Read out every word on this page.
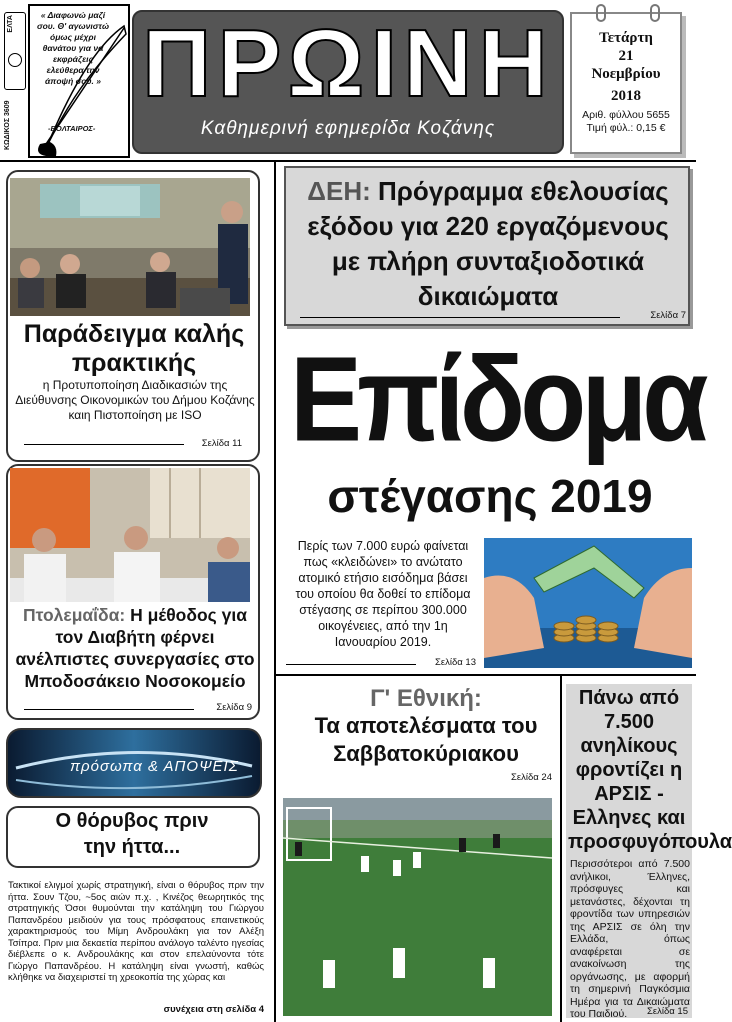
« Διαφωνώ μαζί σου. Θ' αγωνιστώ όμως μέχρι θανάτου για να εκφράζεις ελεύθερα την άποψή σου. »
-ΒΟΛΤΑΙΡΟΣ-
ΕΛΤΑ
ΚΩΔΙΚΟΣ 3609
ΠΡΩΙΝΗ
Καθημερινή εφημερίδα Κοζάνης
Τετάρτη
21
Νοεμβρίου
2018
Αριθ. φύλλου 5655
Τιμή φύλ.: 0,15 €
Παράδειγμα καλής πρακτικής
η Προτυποποίηση Διαδικασιών της Διεύθυνσης Οικονομικών του Δήμου Κοζάνης καιη Πιστοποίηση με ISO
Σελίδα 11
Πτολεμαΐδα: Η μέθοδος για τον Διαβήτη φέρνει ανέλπιστες συνεργασίες στο Μποδοσάκειο Νοσοκομείο
Σελίδα 9
πρόσωπα & ΑΠΟΨΕΙΣ
Ο θόρυβος πριν την ήττα...
Τακτικοί ελιγμοί χωρίς στρατηγική, είναι ο θόρυβος πριν την ήττα. Σουν Τζου, ~5ος αιών π.χ. , Κινέζος θεωρητικός της στρατηγικής Όσοι θυμούνται την κατάληψη του Γιώργου Παπανδρέου μειδιούν για τους πρόσφατους επαινετικούς χαρακτηρισμούς του Μίμη Ανδρουλάκη για τον Αλέξη Τσίπρα. Πριν μια δεκαετία περίπου ανάλογο ταλέντο ηγεσίας διέβλεπε ο κ. Ανδρουλάκης και στον επελαύνοντα τότε Γιώργο Παπανδρέου. Η κατάληψη είναι γνωστή, καθώς κλήθηκε να διαχειριστεί τη χρεοκοπία της χώρας και
συνέχεια στη σελίδα 4
ΔΕΗ: Πρόγραμμα εθελουσίας εξόδου για 220 εργαζόμενους με πλήρη συνταξιοδοτικά δικαιώματα
Σελίδα 7
Επίδομα
στέγασης 2019
Περίς των 7.000 ευρώ φαίνεται πως «κλειδώνει» το ανώτατο ατομικό ετήσιο εισόδημα βάσει του οποίου θα δοθεί το επίδομα στέγασης σε περίπου 300.000 οικογένειες, από την 1η Ιανουαρίου 2019.
Σελίδα 13
Γ' Εθνική:
Τα αποτελέσματα του Σαββατοκύριακου
Σελίδα 24
Πάνω από 7.500 ανηλίκους φροντίζει η ΑΡΣΙΣ - Ελληνες και προσφυγόπουλα
Περισσότεροι από 7.500 ανήλικοι, Έλληνες, πρόσφυγες και μετανάστες, δέχονται τη φροντίδα των υπηρεσιών της ΑΡΣΙΣ σε όλη την Ελλάδα, όπως αναφέρεται σε ανακοίνωση της οργάνωσης, με αφορμή τη σημερινή Παγκόσμια Ημέρα για τα Δικαιώματα του Παιδιού.	Σελίδα 15
